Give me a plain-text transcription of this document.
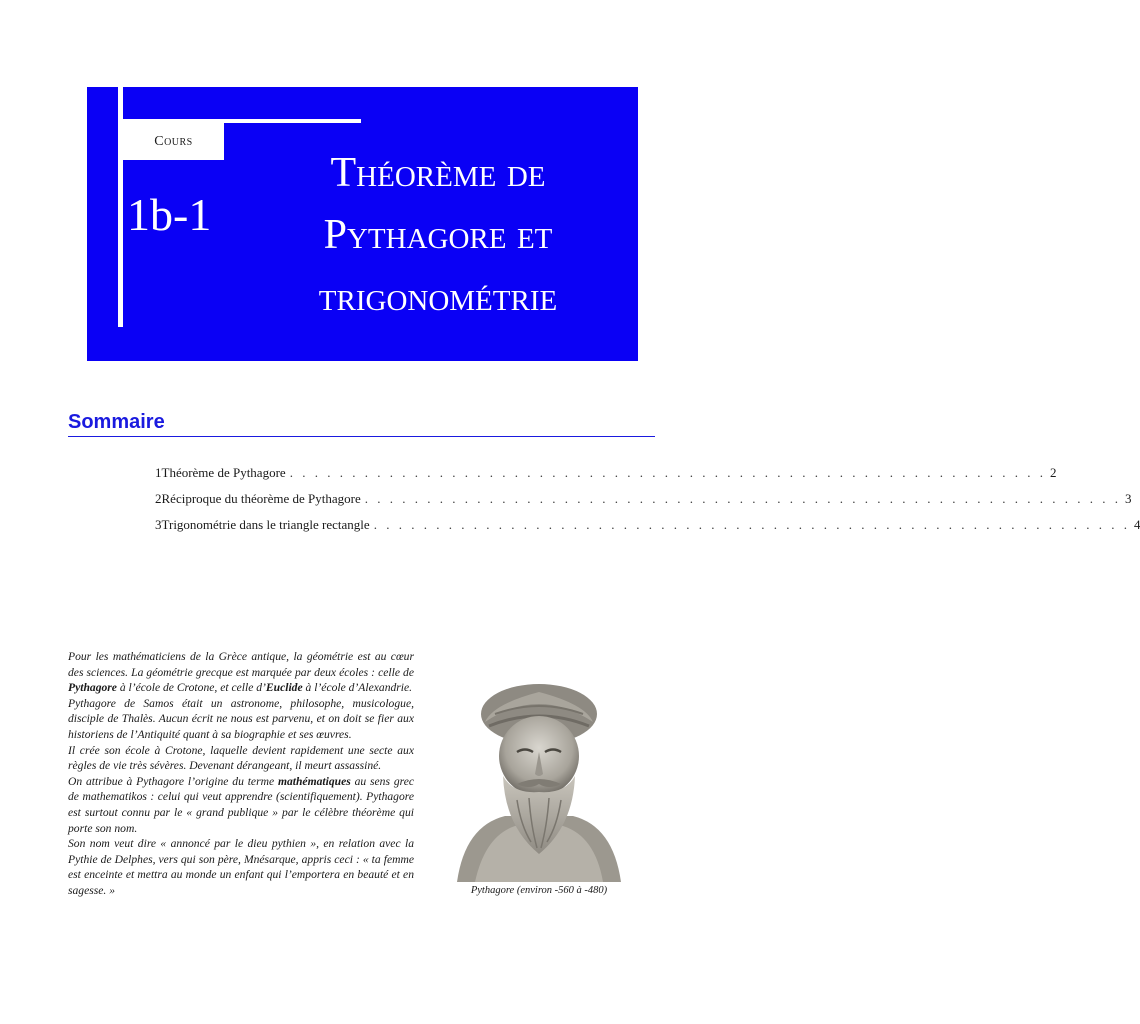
Cours
1b-1
Théorème de
Pythagore et
trigonométrie
Sommaire
1 Théorème de Pythagore . . . . . . . . . . . . . . . . . . . . . . . . . . . . . . . . . . . . . . . . . . . . . . . . . . . . . . . . . . . . . 2
2 Réciproque du théorème de Pythagore . . . . . . . . . . . . . . . . . . . . . . . . . . . . . . . . . . . . . . . . . . . . . . . . . . . . . . . . . . . . . 3
3 Trigonométrie dans le triangle rectangle . . . . . . . . . . . . . . . . . . . . . . . . . . . . . . . . . . . . . . . . . . . . . . . . . . . . . . . . . . . . . 4

Pour les mathématiciens de la Grèce antique, la géométrie est au cœur des sciences. La géométrie grecque est marquée par deux écoles : celle de Pythagore à l’école de Crotone, et celle d’Euclide à l’école d’Alexandrie.

Pythagore de Samos était un astronome, philosophe, musicologue, disciple de Thalès. Aucun écrit ne nous est parvenu, et on doit se fier aux historiens de l’Antiquité quant à sa biographie et ses œuvres.

Il crée son école à Crotone, laquelle devient rapidement une secte aux règles de vie très sévères. Devenant dérangeant, il meurt assassiné.

On attribue à Pythagore l’origine du terme mathématiques au sens grec de mathematikos : celui qui veut apprendre (scientifiquement). Pythagore est surtout connu par le « grand publique » par le célèbre théorème qui porte son nom.

Son nom veut dire « annoncé par le dieu pythien », en relation avec la Pythie de Delphes, vers qui son père, Mnésarque, appris ceci : « ta femme est enceinte et mettra au monde un enfant qui l’emportera en beauté et en sagesse. »	Pythagore (environ -560 à -480)
